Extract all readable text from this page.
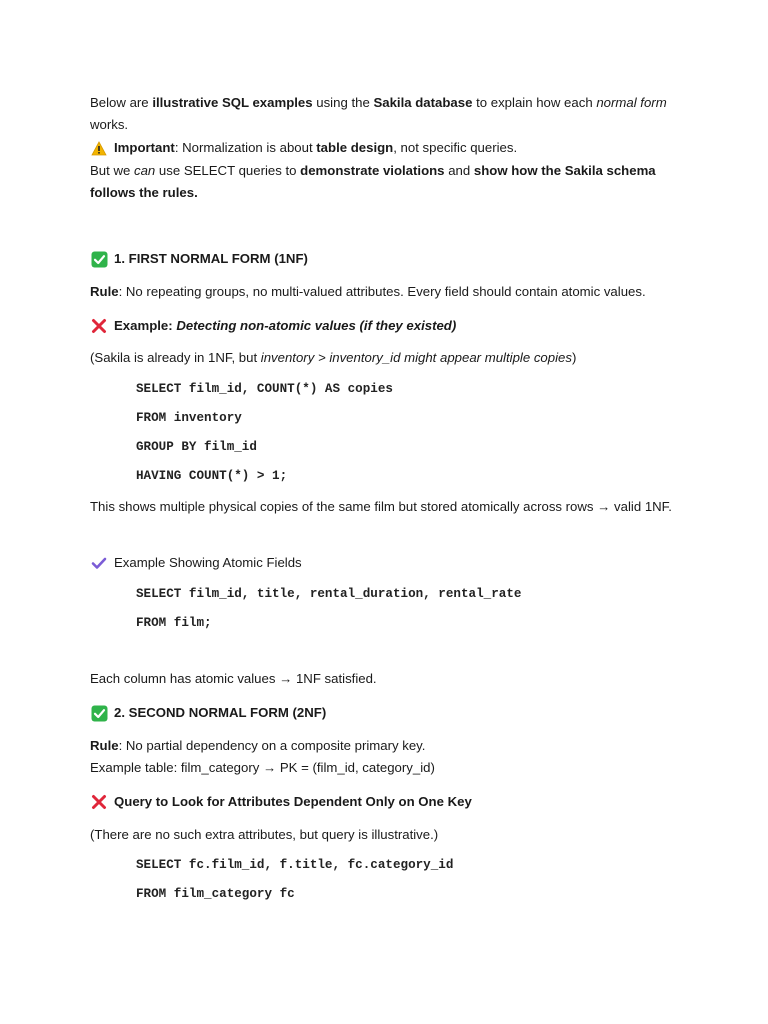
Below are illustrative SQL examples using the Sakila database to explain how each normal form works.
Important: Normalization is about table design, not specific queries.
But we can use SELECT queries to demonstrate violations and show how the Sakila schema follows the rules.
1. FIRST NORMAL FORM (1NF)
Rule: No repeating groups, no multi-valued attributes. Every field should contain atomic values.
Example: Detecting non-atomic values (if they existed)
(Sakila is already in 1NF, but inventory > inventory_id might appear multiple copies)
SELECT film_id, COUNT(*) AS copies
FROM inventory
GROUP BY film_id
HAVING COUNT(*) > 1;
This shows multiple physical copies of the same film but stored atomically across rows → valid 1NF.
Example Showing Atomic Fields
SELECT film_id, title, rental_duration, rental_rate
FROM film;
Each column has atomic values → 1NF satisfied.
2. SECOND NORMAL FORM (2NF)
Rule: No partial dependency on a composite primary key.
Example table: film_category → PK = (film_id, category_id)
Query to Look for Attributes Dependent Only on One Key
(There are no such extra attributes, but query is illustrative.)
SELECT fc.film_id, f.title, fc.category_id
FROM film_category fc
